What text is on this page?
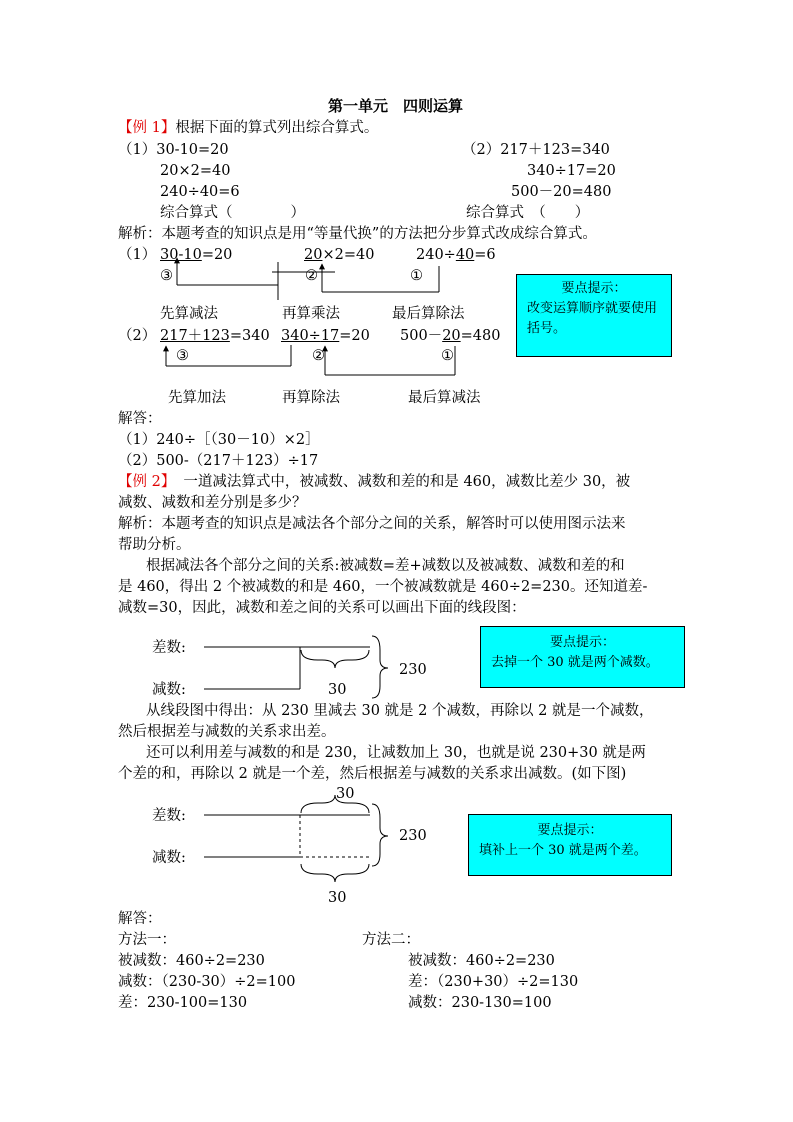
第一单元　四则运算
【例 1】根据下面的算式列出综合算式。
（1）30-10=20
20×2=40
240÷40=6
综合算式（　　　　）
（2）217＋123=340
340÷17=20
500－20=480
综合算式　（　　）
解析：本题考查的知识点是用“等量代换”的方法把分步算式改成综合算式。
（1） 30-10=20	20×2=40	240÷40=6
③	②	①
先算减法	再算乘法	最后算除法
（2） 217＋123=340 340÷17=20 500－20=480
③	②	①
先算加法	再算除法	最后算减法
要点提示：
改变运算顺序就要使用括号。
解答：
（1）240÷［（30－10）×2］
（2）500-（217＋123）÷17
【例 2】 一道减法算式中，被减数、减数和差的和是 460，减数比差少 30，被
减数、减数和差分别是多少？
解析：本题考查的知识点是减法各个部分之间的关系，解答时可以使用图示法来
帮助分析。
根据减法各个部分之间的关系:被减数=差+减数以及被减数、减数和差的和
是 460，得出 2 个被减数的和是 460，一个被减数就是 460÷2=230。还知道差-
减数=30，因此，减数和差之间的关系可以画出下面的线段图：
差数:
减数:
230
30
要点提示：
去掉一个 30 就是两个减数。
从线段图中得出：从 230 里减去 30 就是 2 个减数，再除以 2 就是一个减数，
然后根据差与减数的关系求出差。
还可以利用差与减数的和是 230，让减数加上 30，也就是说 230+30 就是两
个差的和，再除以 2 就是一个差，然后根据差与减数的关系求出减数。(如下图)
30
差数:
230
减数:
30
要点提示：
填补上一个 30 就是两个差。
解答：
方法一：
被减数：460÷2=230
减数：（230-30）÷2=100
差：230-100=130
方法二：
被减数：460÷2=230
差：（230+30）÷2=130
减数：230-130=100
